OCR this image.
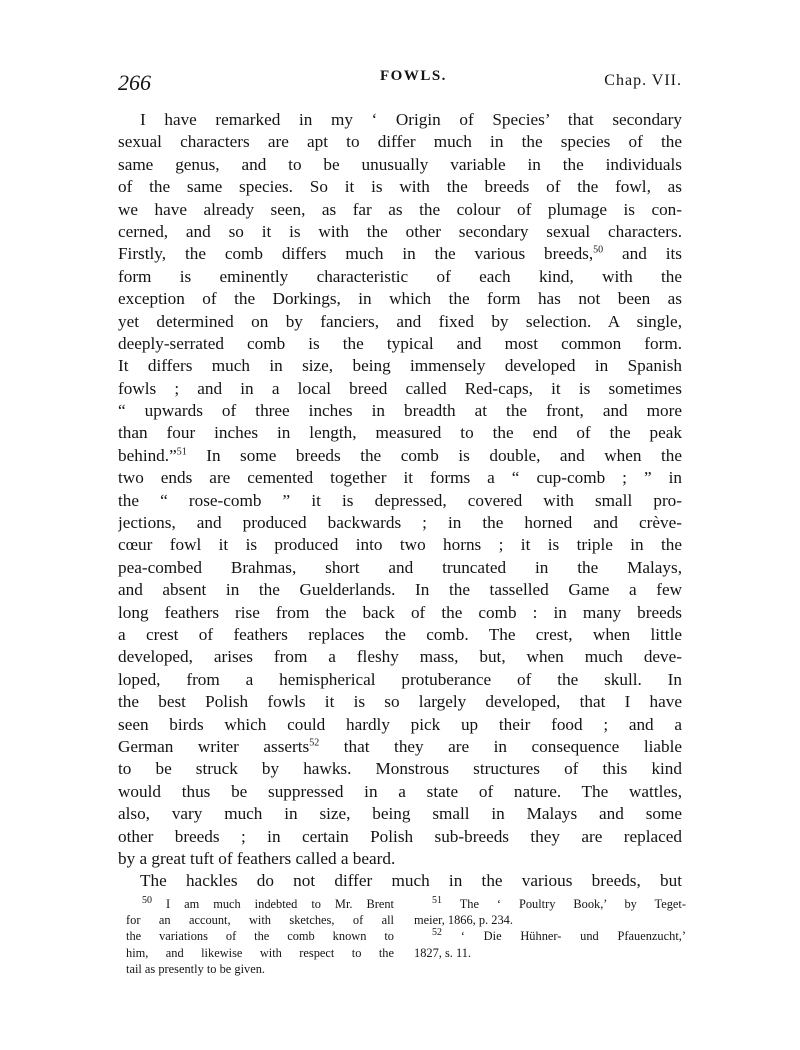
266	FOWLS.	Chap. VII.
I have remarked in my ‘ Origin of Species’ that secondary
sexual characters are apt to differ much in the species of the
same genus, and to be unusually variable in the individuals
of the same species. So it is with the breeds of the fowl, as
we have already seen, as far as the colour of plumage is con-
cerned, and so it is with the other secondary sexual characters.
Firstly, the comb differs much in the various breeds,$^{50}$ and its
form is eminently characteristic of each kind, with the
exception of the Dorkings, in which the form has not been as
yet determined on by fanciers, and fixed by selection. A single,
deeply-serrated comb is the typical and most common form.
It differs much in size, being immensely developed in Spanish
fowls ; and in a local breed called Red-caps, it is sometimes
“ upwards of three inches in breadth at the front, and more
than four inches in length, measured to the end of the peak
behind.”$^{51}$ In some breeds the comb is double, and when the
two ends are cemented together it forms a “ cup-comb ; ” in
the “ rose-comb ” it is depressed, covered with small pro-
jections, and produced backwards ; in the horned and crève-
cœur fowl it is produced into two horns ; it is triple in the
pea-combed Brahmas, short and truncated in the Malays,
and absent in the Guelderlands. In the tasselled Game a few
long feathers rise from the back of the comb : in many breeds
a crest of feathers replaces the comb. The crest, when little
developed, arises from a fleshy mass, but, when much deve-
loped, from a hemispherical protuberance of the skull. In
the best Polish fowls it is so largely developed, that I have
seen birds which could hardly pick up their food ; and a
German writer asserts$^{52}$ that they are in consequence liable
to be struck by hawks. Monstrous structures of this kind
would thus be suppressed in a state of nature. The wattles,
also, vary much in size, being small in Malays and some
other breeds ; in certain Polish sub-breeds they are replaced
by a great tuft of feathers called a beard.
The hackles do not differ much in the various breeds, but
$^{50}$ I am much indebted to Mr. Brent
for an account, with sketches, of all
the variations of the comb known to
him, and likewise with respect to the
tail as presently to be given.
$^{51}$ The ‘ Poultry Book,’ by Teget-
meier, 1866, p. 234.
$^{52}$ ‘ Die Hühner- und Pfauenzucht,’
1827, s. 11.
